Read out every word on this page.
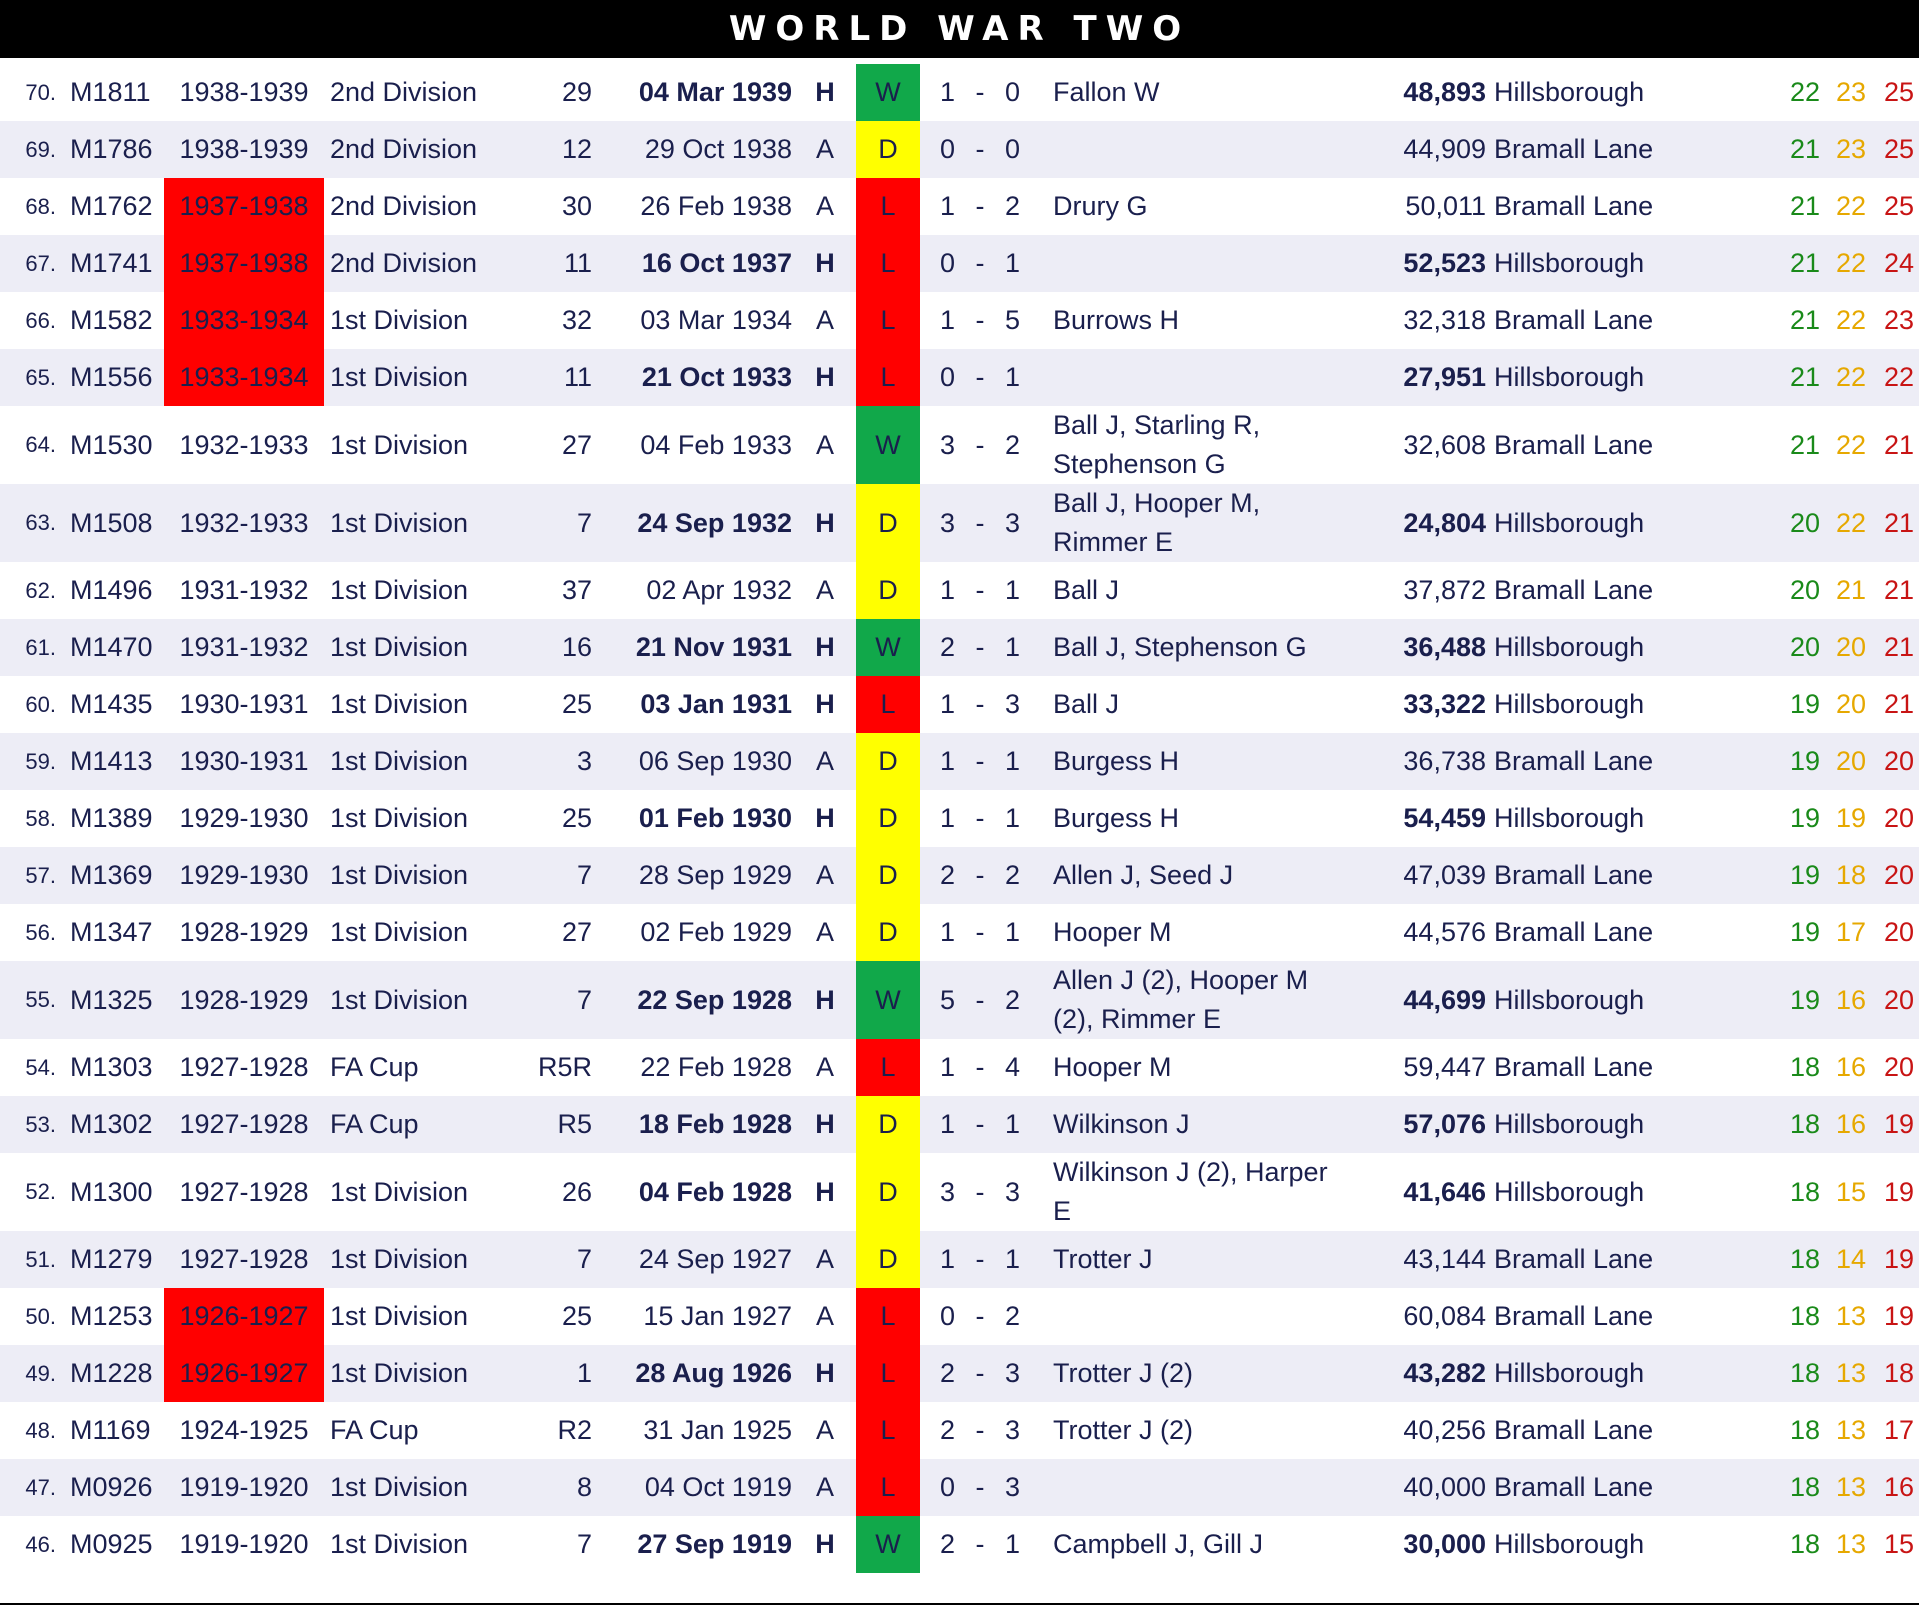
WORLD WAR TWO
70. M1811	1938-1939 2nd Division	29	04 Mar 1939 H	W	1 - 0 Fallon W	48,893 Hillsborough	22 23 25
69. M1786 1938-1939 2nd Division	12	29 Oct 1938 A	D	0 - 0	44,909 Bramall Lane	21 23 25
68. M1762 1937-1938 2nd Division	30	26 Feb 1938 A	L	1 - 2 Drury G	50,011 Bramall Lane	21 22 25
67. M1741 1937-1938 2nd Division	11	16 Oct 1937 H	L	0 - 1	52,523 Hillsborough	21 22 24
66. M1582 1933-1934 1st Division	32	03 Mar 1934 A	L	1 - 5 Burrows H	32,318 Bramall Lane	21 22 23
65. M1556 1933-1934 1st Division	11	21 Oct 1933 H	L	0 - 1	27,951 Hillsborough	21 22 22
64. M1530 1932-1933 1st Division	27	04 Feb 1933 A	W	3 - 2
Ball J, Starling R, Stephenson G
32,608 Bramall Lane	21 22 21
63. M1508 1932-1933 1st Division	7	24 Sep 1932 H	D	3 - 3
Ball J, Hooper M, Rimmer E
24,804 Hillsborough	20 22 21
62. M1496 1931-1932 1st Division	37	02 Apr 1932 A	D	1 - 1 Ball J	37,872 Bramall Lane	20 21 21
61. M1470 1931-1932 1st Division	16	21 Nov 1931 H	W	2 - 1 Ball J, Stephenson G	36,488 Hillsborough	20 20 21
60. M1435 1930-1931 1st Division	25	03 Jan 1931 H	L	1 - 3 Ball J	33,322 Hillsborough	19 20 21
59. M1413 1930-1931 1st Division	3	06 Sep 1930 A	D	1 - 1 Burgess H	36,738 Bramall Lane	19 20 20
58. M1389 1929-1930 1st Division	25	01 Feb 1930 H	D	1 - 1 Burgess H	54,459 Hillsborough	19 19 20
57. M1369 1929-1930 1st Division	7	28 Sep 1929 A	D	2 - 2 Allen J, Seed J	47,039 Bramall Lane	19 18 20
56. M1347 1928-1929 1st Division	27	02 Feb 1929 A	D	1 - 1 Hooper M	44,576 Bramall Lane	19 17 20
55. M1325 1928-1929 1st Division	7	22 Sep 1928 H	W	5 - 2
Allen J (2), Hooper M (2), Rimmer E
44,699 Hillsborough	19 16 20
54. M1303 1927-1928 FA Cup	R5R	22 Feb 1928 A	L	1 - 4 Hooper M	59,447 Bramall Lane	18 16 20
53. M1302 1927-1928 FA Cup	R5	18 Feb 1928 H	D	1 - 1 Wilkinson J	57,076 Hillsborough	18 16 19
52. M1300 1927-1928 1st Division	26	04 Feb 1928 H	D	3 - 3
Wilkinson J (2), Harper E
41,646 Hillsborough	18 15 19
51. M1279 1927-1928 1st Division	7	24 Sep 1927 A	D	1 - 1 Trotter J	43,144 Bramall Lane	18 14 19
50. M1253 1926-1927 1st Division	25	15 Jan 1927 A	L	0 - 2	60,084 Bramall Lane	18 13 19
49. M1228 1926-1927 1st Division	1	28 Aug 1926 H	L	2 - 3 Trotter J (2)	43,282 Hillsborough	18 13 18
48. M1169	1924-1925 FA Cup	R2	31 Jan 1925 A	L	2 - 3 Trotter J (2)	40,256 Bramall Lane	18 13 17
47. M0926 1919-1920 1st Division	8	04 Oct 1919 A	L	0 - 3	40,000 Bramall Lane	18 13 16
46. M0925 1919-1920 1st Division	7	27 Sep 1919 H	W	2 - 1 Campbell J, Gill J	30,000 Hillsborough	18 13 15
